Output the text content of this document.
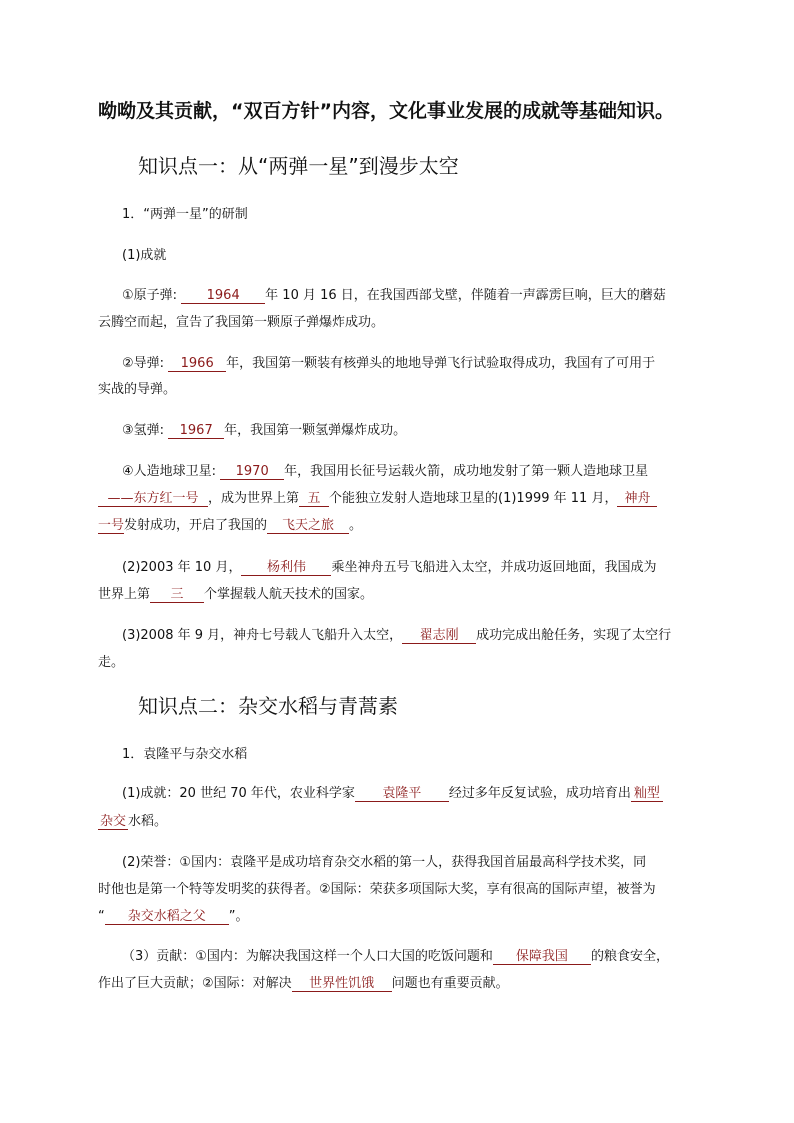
呦呦及其贡献，“双百方针”内容，文化事业发展的成就等基础知识。
知识点一：从“两弹一星”到漫步太空
1．“两弹一星”的研制
(1)成就
①原子弹: 1964 年 10 月 16 日，在我国西部戈壁，伴随着一声霹雳巨响，巨大的蘑菇
云腾空而起，宣告了我国第一颗原子弹爆炸成功。
②导弹: 1966 年，我国第一颗装有核弹头的地地导弹飞行试验取得成功，我国有了可用于
实战的导弹。
③氢弹: 1967 年，我国第一颗氢弹爆炸成功。
④人造地球卫星: 1970 年，我国用长征号运载火箭，成功地发射了第一颗人造地球卫星
——东方红一号 ，成为世界上第 五 个能独立发射人造地球卫星的(1)1999 年 11 月， 神舟
一号发射成功，开启了我国的 飞天之旅 。
(2)2003 年 10 月， 杨利伟 乘坐神舟五号飞船进入太空，并成功返回地面，我国成为
世界上第 三 个掌握载人航天技术的国家。
(3)2008 年 9 月，神舟七号载人飞船升入太空， 翟志刚 成功完成出舱任务，实现了太空行
走。
知识点二：杂交水稻与青蒿素
1．袁隆平与杂交水稻
(1)成就：20 世纪 70 年代，农业科学家 袁隆平 经过多年反复试验，成功培育出 籼型
杂交 水稻。
(2)荣誉：①国内：袁隆平是成功培育杂交水稻的第一人，获得我国首届最高科学技术奖，同
时他也是第一个特等发明奖的获得者。②国际：荣获多项国际大奖，享有很高的国际声望，被誉为
“ 杂交水稻之父 ”。
（3）贡献：①国内：为解决我国这样一个人口大国的吃饭问题和 保障我国 的粮食安全，
作出了巨大贡献；②国际：对解决 世界性饥饿 问题也有重要贡献。
